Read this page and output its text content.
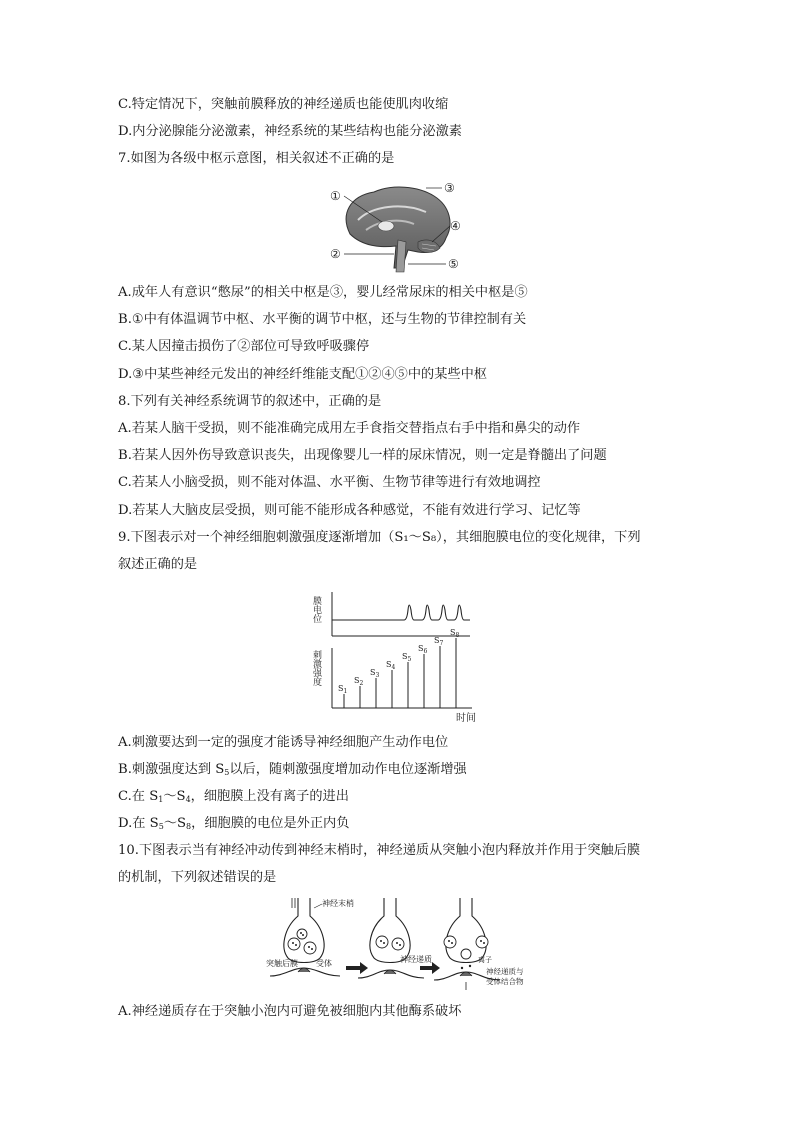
C.特定情况下，突触前膜释放的神经递质也能使肌肉收缩
D.内分泌腺能分泌激素，神经系统的某些结构也能分泌激素
7.如图为各级中枢示意图，相关叙述不正确的是
①
②
③
④
⑤
A.成年人有意识“憋尿”的相关中枢是③，婴儿经常尿床的相关中枢是⑤
B.①中有体温调节中枢、水平衡的调节中枢，还与生物的节律控制有关
C.某人因撞击损伤了②部位可导致呼吸骤停
D.③中某些神经元发出的神经纤维能支配①②④⑤中的某些中枢
8.下列有关神经系统调节的叙述中，正确的是
A.若某人脑干受损，则不能准确完成用左手食指交替指点右手中指和鼻尖的动作
B.若某人因外伤导致意识丧失，出现像婴儿一样的尿床情况，则一定是脊髓出了问题
C.若某人小脑受损，则不能对体温、水平衡、生物节律等进行有效地调控
D.若某人大脑皮层受损，则可能不能形成各种感觉，不能有效进行学习、记忆等
9.下图表示对一个神经细胞刺激强度逐渐增加（S₁～S₈），其细胞膜电位的变化规律，下列
叙述正确的是
膜电位
刺激强度
时间
$S_1$
$S_2$
$S_3$
$S_4$
$S_5$
$S_6$
$S_7$
$S_8$
A.刺激要达到一定的强度才能诱导神经细胞产生动作电位
B.刺激强度达到 $S_5$以后，随刺激强度增加动作电位逐渐增强
C.在 $S_1\sim S_4$，细胞膜上没有离子的进出
D.在 $S_5\sim S_8$，细胞膜的电位是外正内负
10.下图表示当有神经冲动传到神经末梢时，神经递质从突触小泡内释放并作用于突触后膜
的机制，下列叙述错误的是
神经末梢
突触后膜 受体	神经递质	离子
神经递质与
受体结合物
A.神经递质存在于突触小泡内可避免被细胞内其他酶系破坏
